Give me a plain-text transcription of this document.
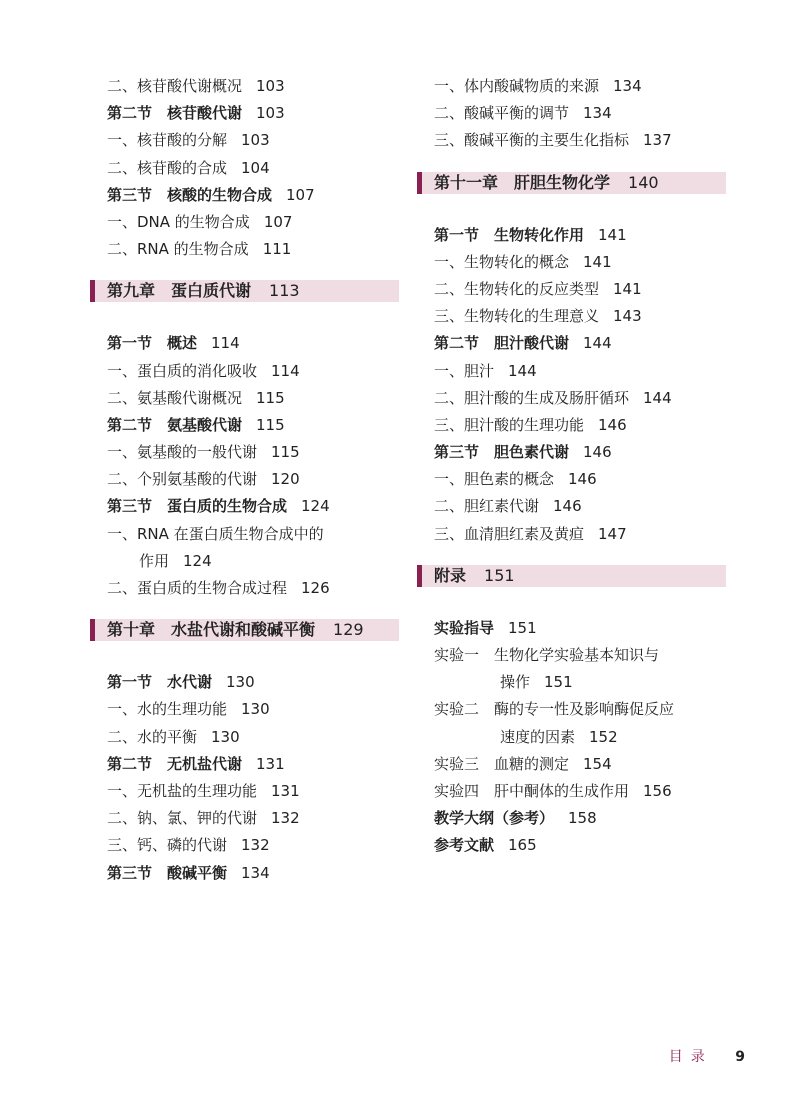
二、核苷酸代谢概况 103
第二节　核苷酸代谢 103
一、核苷酸的分解 103
二、核苷酸的合成 104
第三节　核酸的生物合成 107
一、DNA 的生物合成 107
二、RNA 的生物合成 111
第九章　蛋白质代谢 113
第一节　概述 114
一、蛋白质的消化吸收 114
二、氨基酸代谢概况 115
第二节　氨基酸代谢 115
一、氨基酸的一般代谢 115
二、个别氨基酸的代谢 120
第三节　蛋白质的生物合成 124
一、RNA 在蛋白质生物合成中的
作用 124
二、蛋白质的生物合成过程 126
第十章　水盐代谢和酸碱平衡 129
第一节　水代谢 130
一、水的生理功能 130
二、水的平衡 130
第二节　无机盐代谢 131
一、无机盐的生理功能 131
二、钠、氯、钾的代谢 132
三、钙、磷的代谢 132
第三节　酸碱平衡 134
一、体内酸碱物质的来源 134
二、酸碱平衡的调节 134
三、酸碱平衡的主要生化指标 137
第十一章　肝胆生物化学 140
第一节　生物转化作用 141
一、生物转化的概念 141
二、生物转化的反应类型 141
三、生物转化的生理意义 143
第二节　胆汁酸代谢 144
一、胆汁 144
二、胆汁酸的生成及肠肝循环 144
三、胆汁酸的生理功能 146
第三节　胆色素代谢 146
一、胆色素的概念 146
二、胆红素代谢 146
三、血清胆红素及黄疸 147
附录 151
实验指导 151
实验一　生物化学实验基本知识与
操作 151
实验二　酶的专一性及影响酶促反应
速度的因素 152
实验三　血糖的测定 154
实验四　肝中酮体的生成作用 156
教学大纲（参考） 158
参考文献 165
目录 9
